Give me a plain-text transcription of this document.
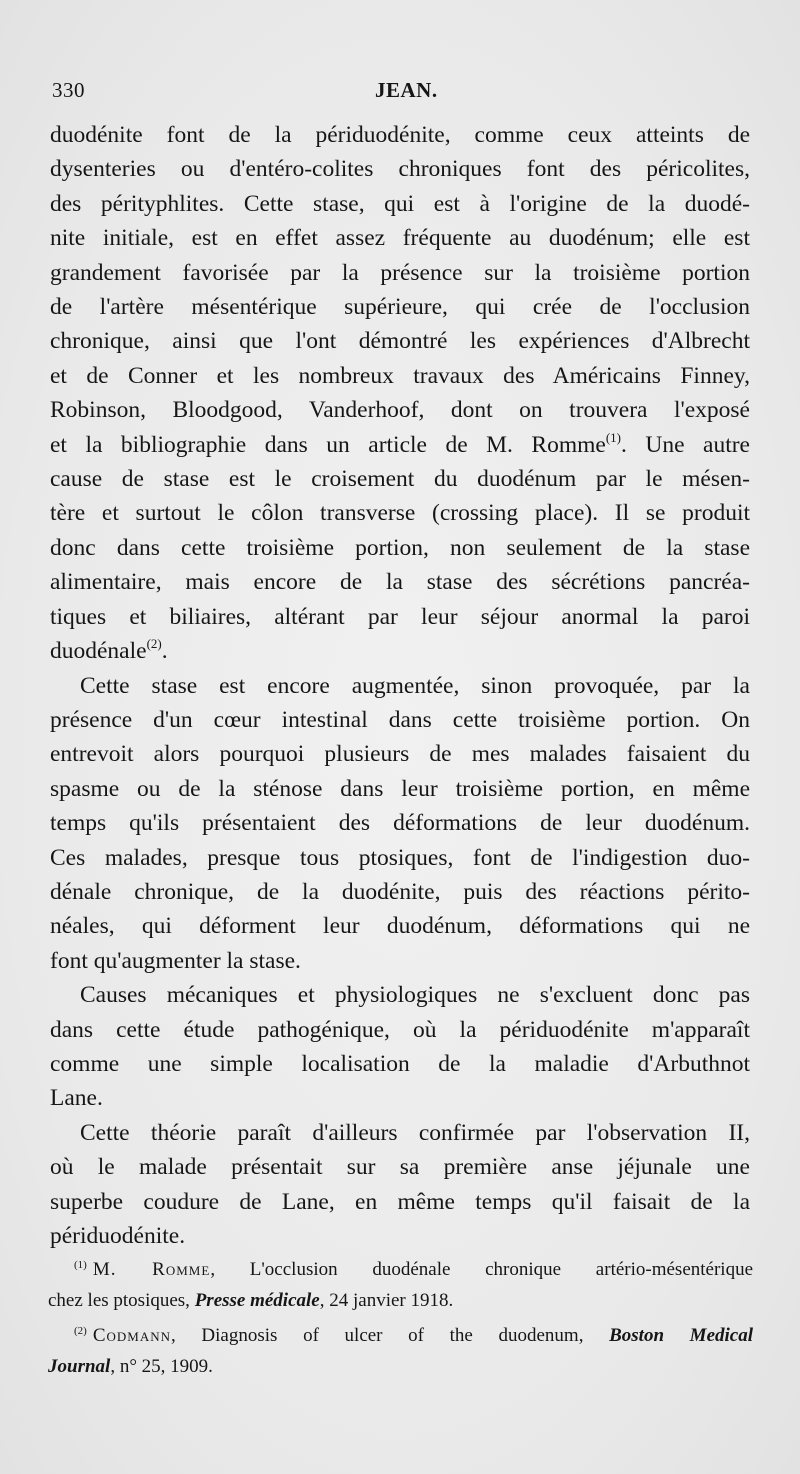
330	JEAN.
duodénite font de la périduodénite, comme ceux atteints de
dysenteries ou d'entéro-colites chroniques font des péricolites,
des pérityphlites. Cette stase, qui est à l'origine de la duodé-
nite initiale, est en effet assez fréquente au duodénum; elle est
grandement favorisée par la présence sur la troisième portion
de l'artère mésentérique supérieure, qui crée de l'occlusion
chronique, ainsi que l'ont démontré les expériences d'Albrecht
et de Conner et les nombreux travaux des Américains Finney,
Robinson, Bloodgood, Vanderhoof, dont on trouvera l'exposé
et la bibliographie dans un article de M. Romme$^{(1)}$. Une autre
cause de stase est le croisement du duodénum par le mésen-
tère et surtout le côlon transverse (crossing place). Il se produit
donc dans cette troisième portion, non seulement de la stase
alimentaire, mais encore de la stase des sécrétions pancréa-
tiques et biliaires, altérant par leur séjour anormal la paroi
duodénale$^{(2)}$.
Cette stase est encore augmentée, sinon provoquée, par la
présence d'un cœur intestinal dans cette troisième portion. On
entrevoit alors pourquoi plusieurs de mes malades faisaient du
spasme ou de la sténose dans leur troisième portion, en même
temps qu'ils présentaient des déformations de leur duodénum.
Ces malades, presque tous ptosiques, font de l'indigestion duo-
dénale chronique, de la duodénite, puis des réactions périto-
néales, qui déforment leur duodénum, déformations qui ne
font qu'augmenter la stase.
Causes mécaniques et physiologiques ne s'excluent donc pas
dans cette étude pathogénique, où la périduodénite m'apparaît
comme une simple localisation de la maladie d'Arbuthnot
Lane.
Cette théorie paraît d'ailleurs confirmée par l'observation II,
où le malade présentait sur sa première anse jéjunale une
superbe coudure de Lane, en même temps qu'il faisait de la
périduodénite.
$^{(1)}$ M. Romme, L'occlusion duodénale chronique artério-mésentérique
chez les ptosiques, Presse médicale, 24 janvier 1918.
$^{(2)}$ Codmann, Diagnosis of ulcer of the duodenum, Boston Medical
Journal, n° 25, 1909.
